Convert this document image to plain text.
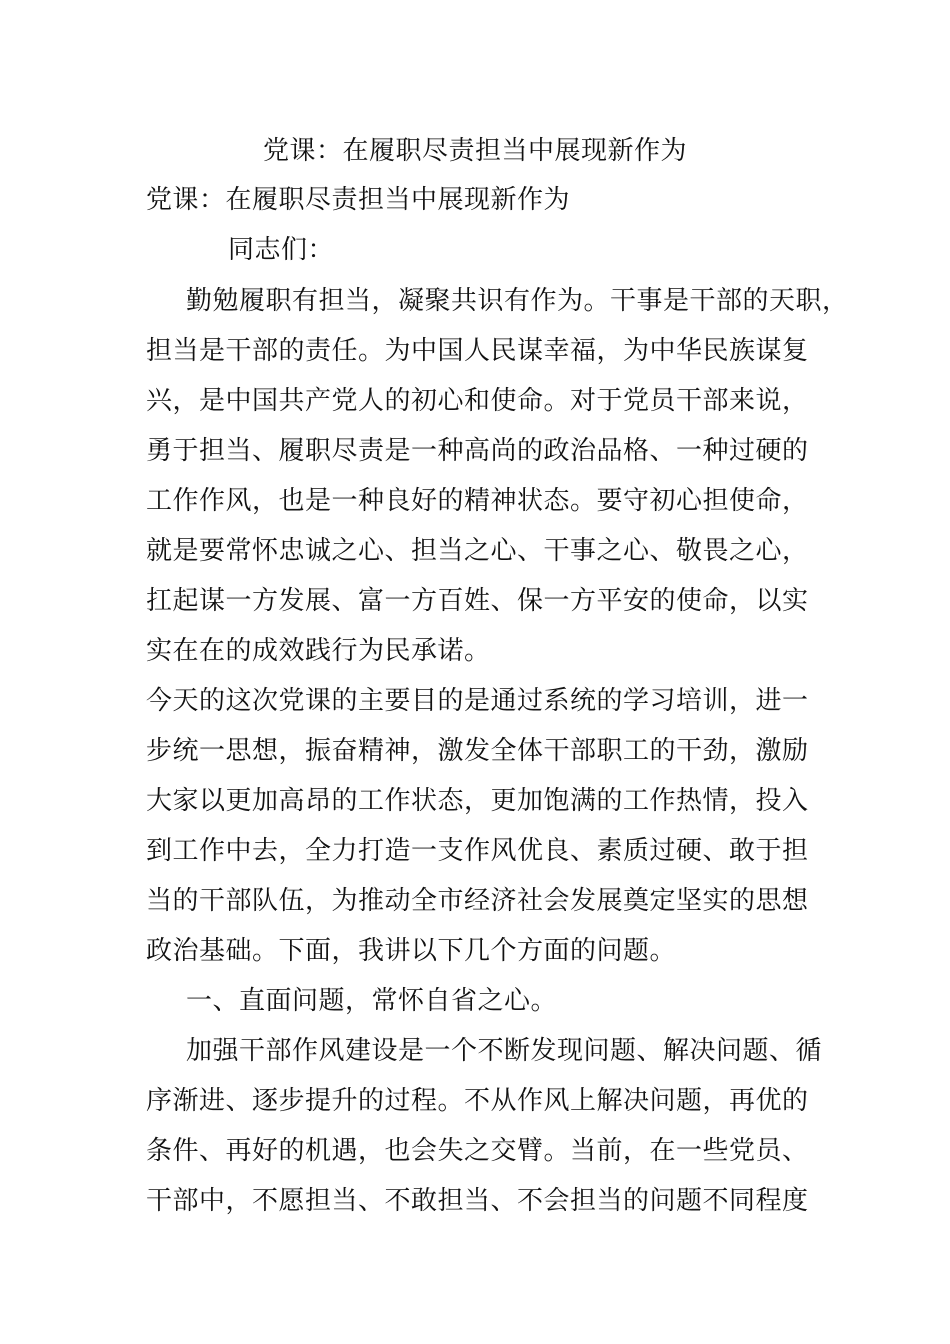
党课：在履职尽责担当中展现新作为
党课：在履职尽责担当中展现新作为
同志们：
勤勉履职有担当，凝聚共识有作为。干事是干部的天职，
担当是干部的责任。为中国人民谋幸福，为中华民族谋复
兴，是中国共产党人的初心和使命。对于党员干部来说，
勇于担当、履职尽责是一种高尚的政治品格、一种过硬的
工作作风，也是一种良好的精神状态。要守初心担使命，
就是要常怀忠诚之心、担当之心、干事之心、敬畏之心，
扛起谋一方发展、富一方百姓、保一方平安的使命，以实
实在在的成效践行为民承诺。
今天的这次党课的主要目的是通过系统的学习培训，进一
步统一思想，振奋精神，激发全体干部职工的干劲，激励
大家以更加高昂的工作状态，更加饱满的工作热情，投入
到工作中去，全力打造一支作风优良、素质过硬、敢于担
当的干部队伍，为推动全市经济社会发展奠定坚实的思想
政治基础。下面，我讲以下几个方面的问题。
一、直面问题，常怀自省之心。
加强干部作风建设是一个不断发现问题、解决问题、循
序渐进、逐步提升的过程。不从作风上解决问题，再优的
条件、再好的机遇，也会失之交臂。当前，在一些党员、
干部中，不愿担当、不敢担当、不会担当的问题不同程度
